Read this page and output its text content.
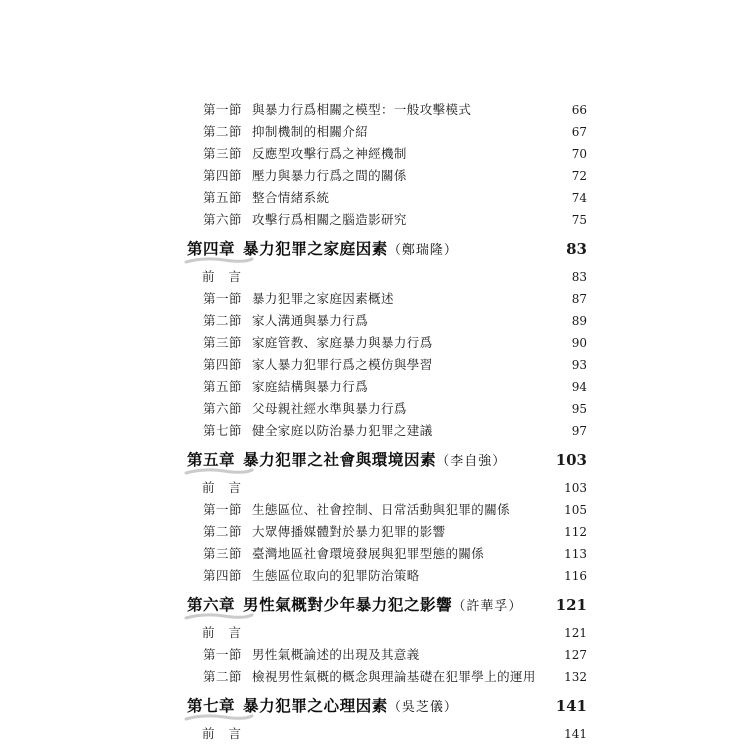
第一節 與暴力行爲相關之模型：一般攻擊模式	66
第二節 抑制機制的相關介紹	67
第三節 反應型攻擊行爲之神經機制	70
第四節 壓力與暴力行爲之間的關係	72
第五節 整合情緒系統	74
第六節 攻擊行爲相關之腦造影研究	75
第四章 暴力犯罪之家庭因素（鄭瑞隆）	83
前言	83
第一節 暴力犯罪之家庭因素概述	87
第二節 家人溝通與暴力行爲	89
第三節 家庭管教、家庭暴力與暴力行爲	90
第四節 家人暴力犯罪行爲之模仿與學習	93
第五節 家庭結構與暴力行爲	94
第六節 父母親社經水準與暴力行爲	95
第七節 健全家庭以防治暴力犯罪之建議	97
第五章 暴力犯罪之社會與環境因素（李自強）	103
前言	103
第一節 生態區位、社會控制、日常活動與犯罪的關係	105
第二節 大眾傳播媒體對於暴力犯罪的影響	112
第三節 臺灣地區社會環境發展與犯罪型態的關係	113
第四節 生態區位取向的犯罪防治策略	116
第六章 男性氣概對少年暴力犯之影響（許華孚） 121
前言	121
第一節 男性氣概論述的出現及其意義	127
第二節 檢視男性氣概的概念與理論基礎在犯罪學上的運用 132
第七章 暴力犯罪之心理因素（吳芝儀）	141
前言	141
